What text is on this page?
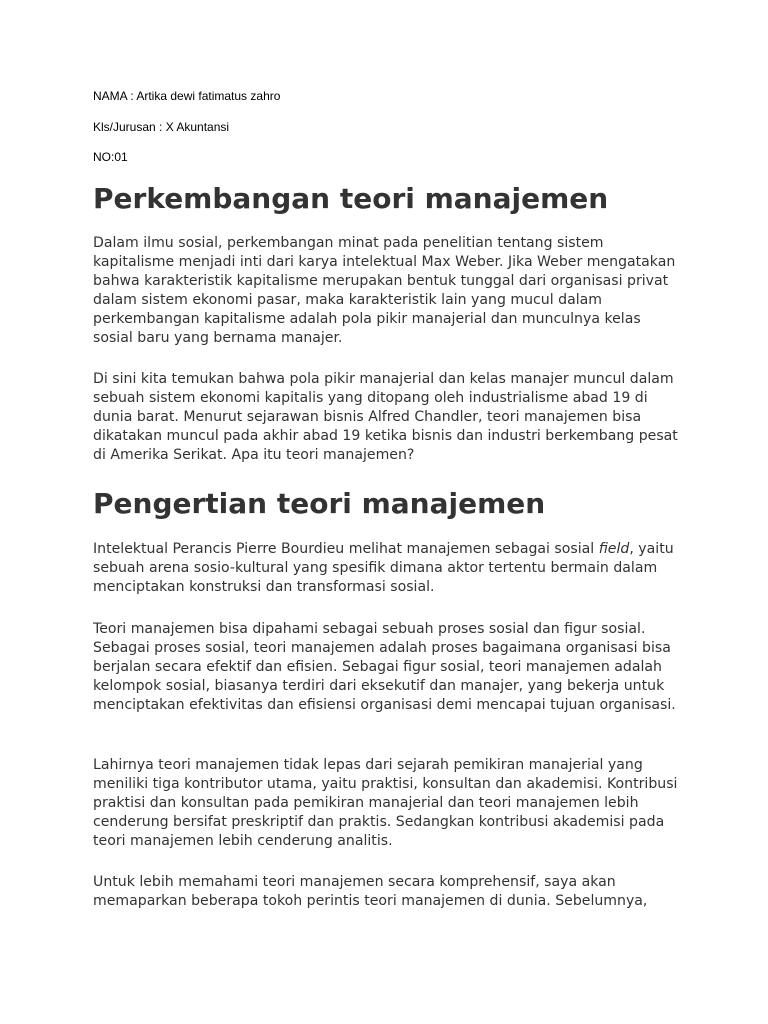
NAMA : Artika dewi fatimatus zahro
Kls/Jurusan : X Akuntansi
NO:01
Perkembangan teori manajemen

Dalam ilmu sosial, perkembangan minat pada penelitian tentang sistem kapitalisme menjadi inti dari karya intelektual Max Weber. Jika Weber mengatakan bahwa karakteristik kapitalisme merupakan bentuk tunggal dari organisasi privat dalam sistem ekonomi pasar, maka karakteristik lain yang mucul dalam perkembangan kapitalisme adalah pola pikir manajerial dan munculnya kelas sosial baru yang bernama manajer.

Di sini kita temukan bahwa pola pikir manajerial dan kelas manajer muncul dalam sebuah sistem ekonomi kapitalis yang ditopang oleh industrialisme abad 19 di dunia barat. Menurut sejarawan bisnis Alfred Chandler, teori manajemen bisa dikatakan muncul pada akhir abad 19 ketika bisnis dan industri berkembang pesat di Amerika Serikat. Apa itu teori manajemen?

Pengertian teori manajemen

Intelektual Perancis Pierre Bourdieu melihat manajemen sebagai sosial field, yaitu sebuah arena sosio-kultural yang spesifik dimana aktor tertentu bermain dalam menciptakan konstruksi dan transformasi sosial.

Teori manajemen bisa dipahami sebagai sebuah proses sosial dan figur sosial. Sebagai proses sosial, teori manajemen adalah proses bagaimana organisasi bisa berjalan secara efektif dan efisien. Sebagai figur sosial, teori manajemen adalah kelompok sosial, biasanya terdiri dari eksekutif dan manajer, yang bekerja untuk menciptakan efektivitas dan efisiensi organisasi demi mencapai tujuan organisasi.

Lahirnya teori manajemen tidak lepas dari sejarah pemikiran manajerial yang meniliki tiga kontributor utama, yaitu praktisi, konsultan dan akademisi. Kontribusi praktisi dan konsultan pada pemikiran manajerial dan teori manajemen lebih cenderung bersifat preskriptif dan praktis. Sedangkan kontribusi akademisi pada teori manajemen lebih cenderung analitis.

Untuk lebih memahami teori manajemen secara komprehensif, saya akan memaparkan beberapa tokoh perintis teori manajemen di dunia. Sebelumnya,
